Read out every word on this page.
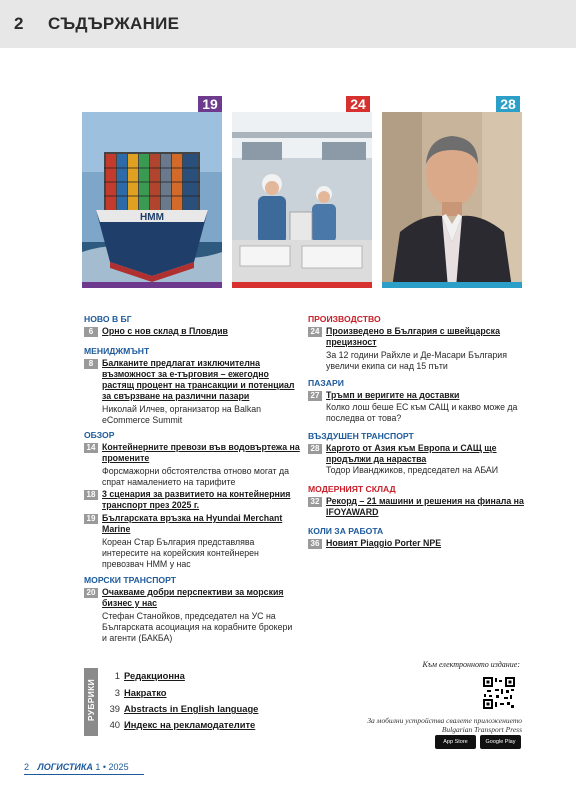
2 СЪДЪРЖАНИЕ
19
HMM
24	28
НОВО В БГ
6 Орно с нов склад в Пловдив
МЕНИДЖМЪНТ
8 Балканите предлагат изключителна възможност за е-търговия – ежегодно растящ процент на трансакции и потенциал за свързване на различни пазари
Николай Илчев, организатор на Balkan eCommerce Summit
ОБЗОР
14 Контейнерните превози във водовъртежа на промените
Форсмажорни обстоятелства отново могат да спрат намалението на тарифите
18 3 сценария за развитието на контейнерния транспорт през 2025 г.
19 Българската връзка на Hyundai Merchant Marine
Кореан Стар България представлява интересите на корейския контейнерен превозвач HMM у нас
МОРСКИ ТРАНСПОРТ
20 Очакваме добри перспективи за морския бизнес у нас
Стефан Станойков, председател на УС на Българската асоциация на корабните брокери и агенти (БАКБА)
ПРОИЗВОДСТВО
24 Произведено в България с швейцарска прецизност
За 12 години Райхле и Де-Масари България увеличи екипа си над 15 пъти
ПАЗАРИ
27 Тръмп и веригите на доставки
Колко лош беше ЕС към САЩ и какво може да последва от това?
ВЪЗДУШЕН ТРАНСПОРТ
28 Каргото от Азия към Европа и САЩ ще продължи да нараства
Тодор Иванджиков, председател на АБАИ
МОДЕРНИЯТ СКЛАД
32 Рекорд – 21 машини и решения на финала на IFOYAWARD
КОЛИ ЗА РАБОТА
36 Новият Piaggio Porter NPE
РУБРИКИ
1 Редакционна
3 Накратко
39 Abstracts in English language
40 Индекс на рекламодателите
Към електронното издание:
За мобилни устройства свалете приложението Bulgarian Transport Press
App Store	Google Play
2 ЛОГИСТИКА 1 • 2025
